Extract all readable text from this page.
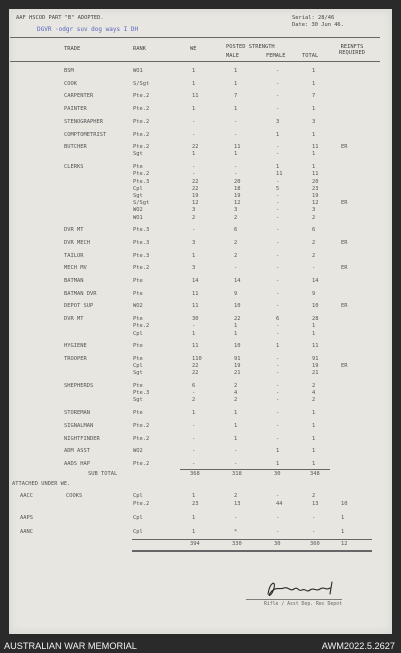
AAF HSCOD PART "B" ADOPTED.	Serial: 28/46
Date: 30 Jun 46.
DGVR ·odgr suv dog ways I DH
TRADE	RANK	WE	POSTED STRENGTH
MALE	FEMALE	TOTAL
REINFTS REQUIRED
BSM	WO1	1	1	-	1
COOK	S/Sgt	1	1	-	1
CARPENTER	Pte.2	11	7	-	7
PAINTER	Pte.2	1	1	-	1
STENOGRAPHER	Pte.2	-	-	3	3
COMPTOMETRIST	Pte.2	-	-	1	1
BUTCHER	Pte.2	22	11	-	11	ER
Sgt	1	1	-	1
CLERKS	Pte	-	-	1	1
Pte.2	-	-	11	11
Pte.3	22	20	-	20
Cpl	22	18	5	23
Sgt	19	19	-	19
S/Sgt	12	12	-	12	ER
WO2	3	3	-	3
WO1	2	2	-	2
DVR MT	Pte.3	-	6	-	6
DVR MECH	Pte.3	3	2	-	2	ER
TAILOR	Pte.3	1	2	-	2
MECH MV	Pte.2	3	-	-	-	ER
BATMAN	Pte	14	14	-	14
BATMAN DVR	Pte	11	9	-	9
DEPOT SUP	WO2	11	10	-	10	ER
DVR MT	Pte	30	22	6	28
Pte.2	-	1	-	1
Cpl	1	1	-	1
HYGIENE	Pte	11	10	1	11
TROOPER	Pte	110	91	-	91
Cpl	22	19	-	19	ER
Sgt	22	21	-	21
SHEPHERDS	Pte	6	2	-	2
Pte.3	-	4	-	4
Sgt	2	2	-	2
STOREMAN	Pte	1	1	-	1
SIGNALMAN	Pte.2	-	1	-	1
NIGHTFINDER	Pte.2	-	1	-	1
ADM ASST	WO2	-	-	1	1
AADS HAP	Pte.2	-	-	1	1
SUB TOTAL	368	318	30	348
ATTACHED UNDER WE.
AACC	COOKS	Cpl	1	2	-	2
Pte.2	23	13	44	13	10
AAPS	Cpl	1	-	-	-	1
AANC	Cpl	1	*	-	-	1
394	330	30	360	12
Rifle / Asst Dep. Rec Depot
AUSTRALIAN WAR MEMORIAL	AWM2022.5.2627
